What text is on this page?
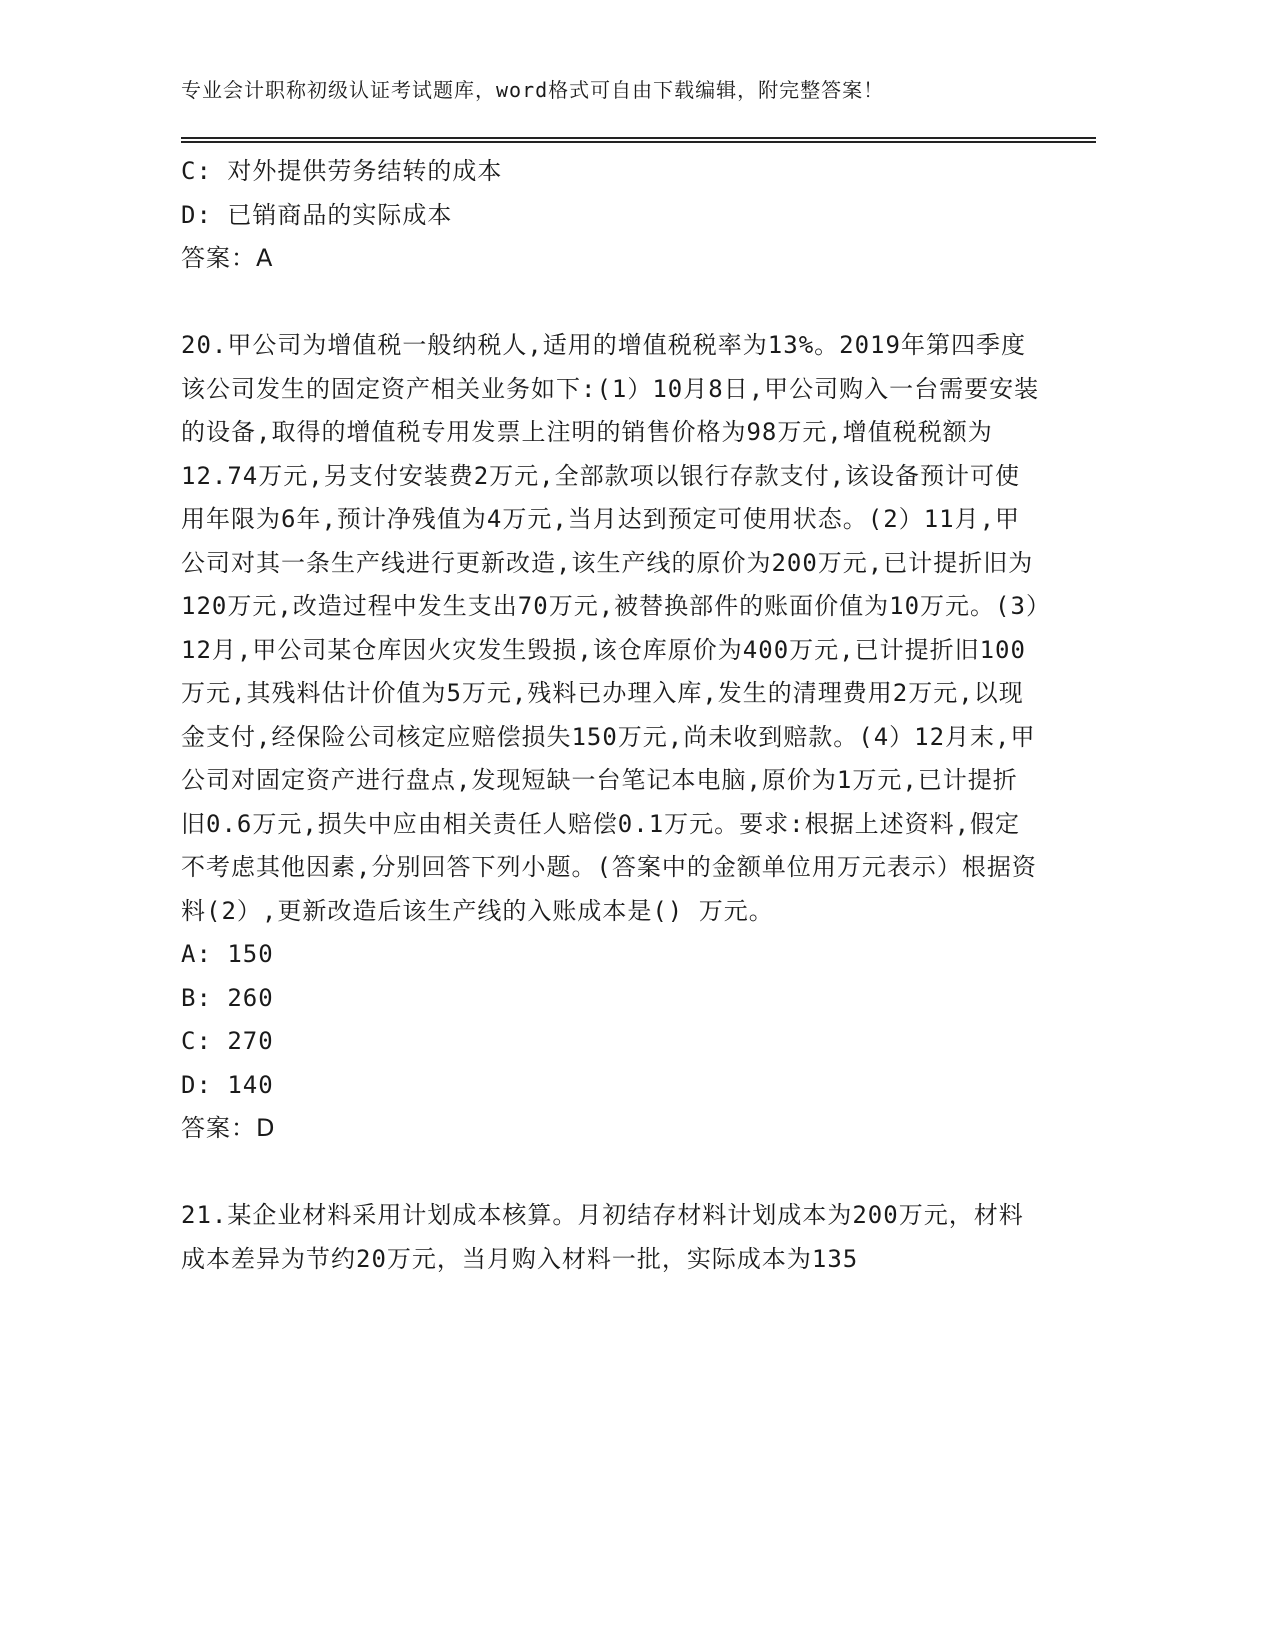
专业会计职称初级认证考试题库，word格式可自由下载编辑，附完整答案！
C: 对外提供劳务结转的成本
D: 已销商品的实际成本
答案：A

20.甲公司为增值税一般纳税人,适用的增值税税率为13%。2019年第四季度该公司发生的固定资产相关业务如下:(1）10月8日,甲公司购入一台需要安装的设备,取得的增值税专用发票上注明的销售价格为98万元,增值税税额为12.74万元,另支付安装费2万元,全部款项以银行存款支付,该设备预计可使用年限为6年,预计净残值为4万元,当月达到预定可使用状态。(2）11月,甲公司对其一条生产线进行更新改造,该生产线的原价为200万元,已计提折旧为120万元,改造过程中发生支出70万元,被替换部件的账面价值为10万元。(3）12月,甲公司某仓库因火灾发生毁损,该仓库原价为400万元,已计提折旧100万元,其残料估计价值为5万元,残料已办理入库,发生的清理费用2万元,以现金支付,经保险公司核定应赔偿损失150万元,尚未收到赔款。(4）12月末,甲公司对固定资产进行盘点,发现短缺一台笔记本电脑,原价为1万元,已计提折旧0.6万元,损失中应由相关责任人赔偿0.1万元。要求:根据上述资料,假定不考虑其他因素,分别回答下列小题。(答案中的金额单位用万元表示）根据资料(2）,更新改造后该生产线的入账成本是() 万元。

A: 150
B: 260
C: 270
D: 140
答案：D

21.某企业材料采用计划成本核算。月初结存材料计划成本为200万元，材料成本差异为节约20万元，当月购入材料一批，实际成本为135
